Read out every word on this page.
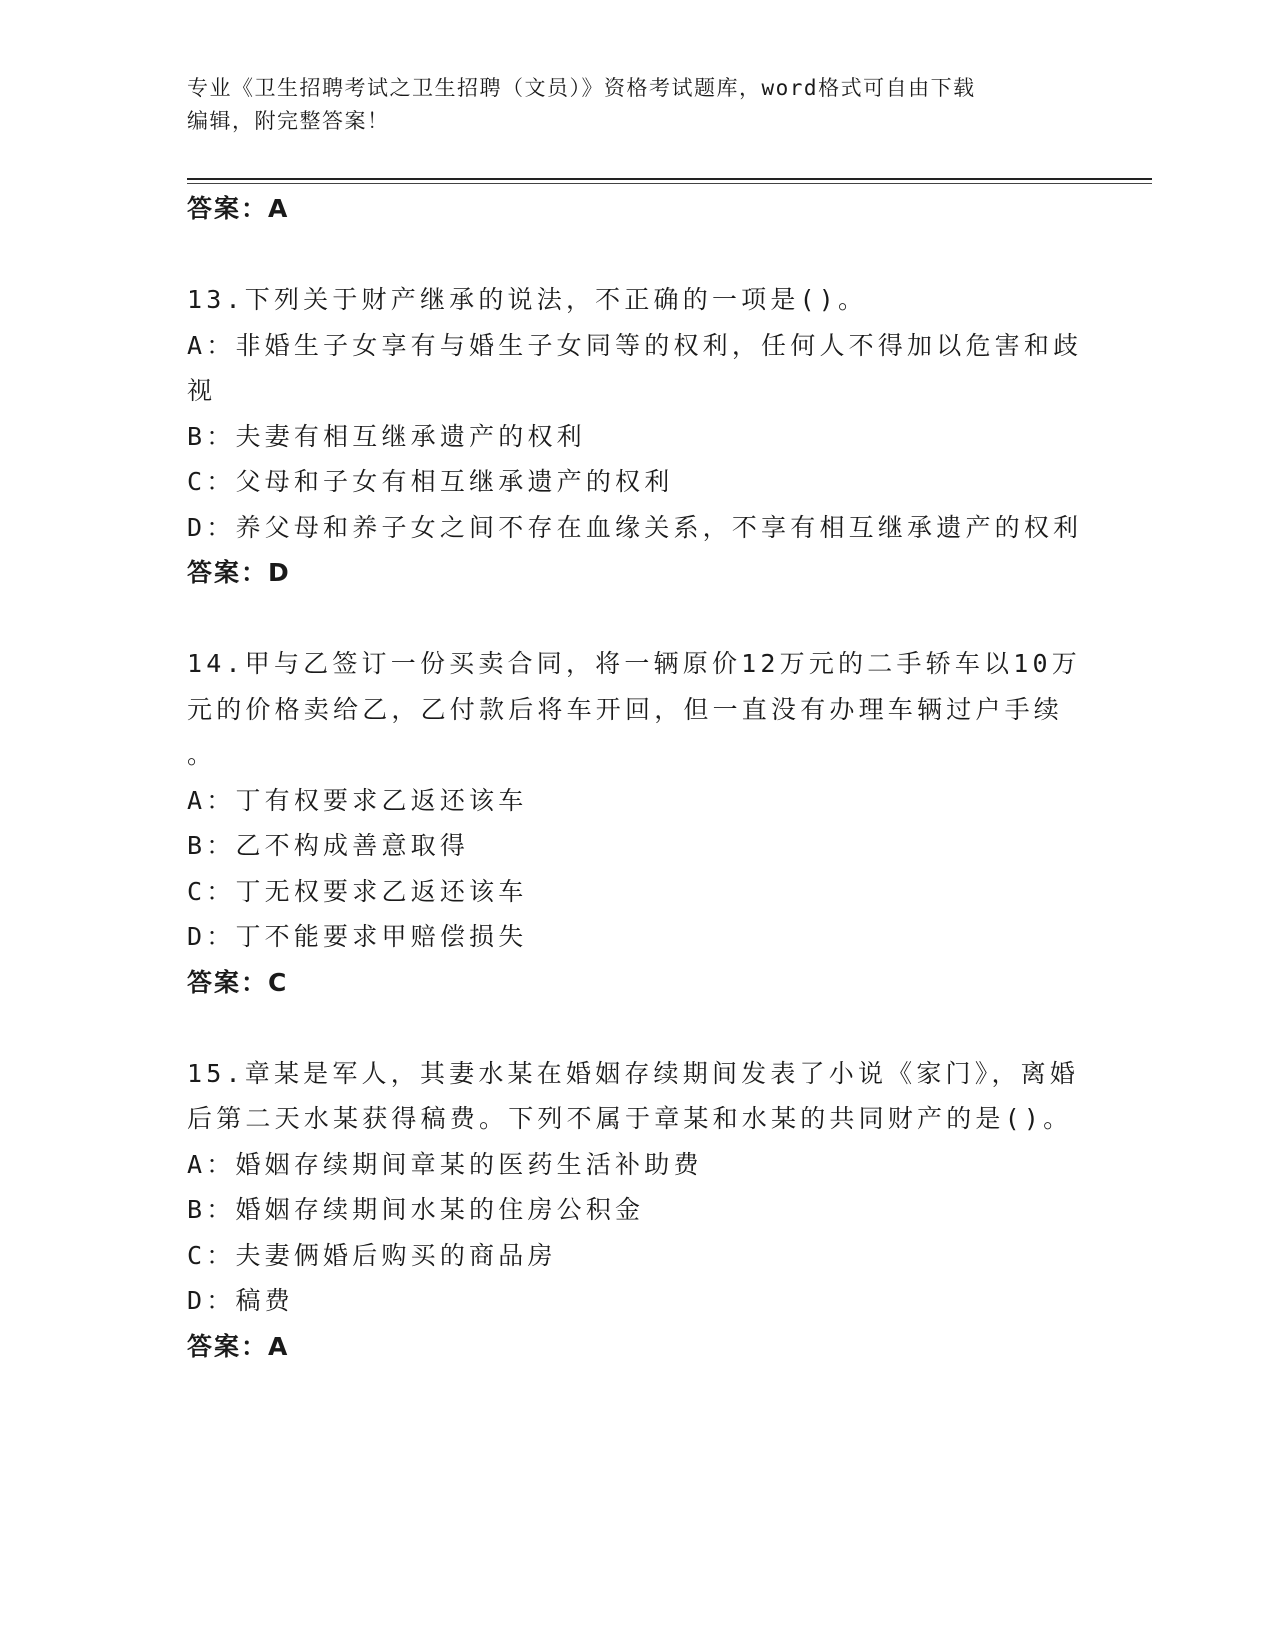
专业《卫生招聘考试之卫生招聘（文员）》资格考试题库，word格式可自由下载
编辑，附完整答案！
答案：A
13.下列关于财产继承的说法，不正确的一项是()。
A：非婚生子女享有与婚生子女同等的权利，任何人不得加以危害和歧
视
B：夫妻有相互继承遗产的权利
C：父母和子女有相互继承遗产的权利
D：养父母和养子女之间不存在血缘关系，不享有相互继承遗产的权利
答案：D
14.甲与乙签订一份买卖合同，将一辆原价12万元的二手轿车以10万
元的价格卖给乙，乙付款后将车开回，但一直没有办理车辆过户手续
。
A：丁有权要求乙返还该车
B：乙不构成善意取得
C：丁无权要求乙返还该车
D：丁不能要求甲赔偿损失
答案：C
15.章某是军人，其妻水某在婚姻存续期间发表了小说《家门》，离婚
后第二天水某获得稿费。下列不属于章某和水某的共同财产的是()。
A：婚姻存续期间章某的医药生活补助费
B：婚姻存续期间水某的住房公积金
C：夫妻俩婚后购买的商品房
D：稿费
答案：A
